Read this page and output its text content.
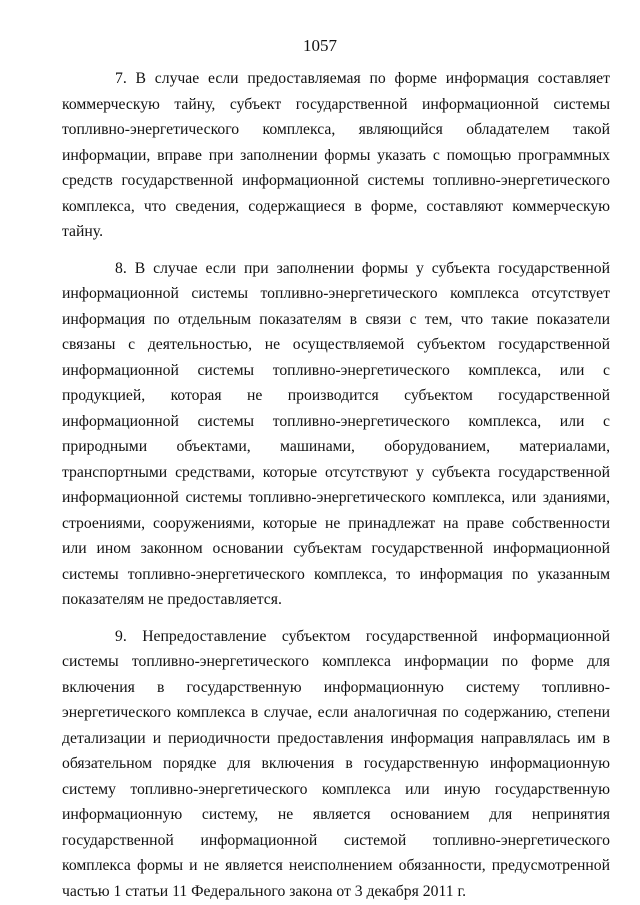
1057

7. В случае если предоставляемая по форме информация составляет коммерческую тайну, субъект государственной информационной системы топливно-энергетического комплекса, являющийся обладателем такой информации, вправе при заполнении формы указать с помощью программных средств государственной информационной системы топливно-энергетического комплекса, что сведения, содержащиеся в форме, составляют коммерческую тайну.

8. В случае если при заполнении формы у субъекта государственной информационной системы топливно-энергетического комплекса отсутствует информация по отдельным показателям в связи с тем, что такие показатели связаны с деятельностью, не осуществляемой субъектом государственной информационной системы топливно-энергетического комплекса, или с продукцией, которая не производится субъектом государственной информационной системы топливно-энергетического комплекса, или с природными объектами, машинами, оборудованием, материалами, транспортными средствами, которые отсутствуют у субъекта государственной информационной системы топливно-энергетического комплекса, или зданиями, строениями, сооружениями, которые не принадлежат на праве собственности или ином законном основании субъектам государственной информационной системы топливно-энергетического комплекса, то информация по указанным показателям не предоставляется.

9. Непредоставление субъектом государственной информационной системы топливно-энергетического комплекса информации по форме для включения в государственную информационную систему топливно-энергетического комплекса в случае, если аналогичная по содержанию, степени детализации и периодичности предоставления информация направлялась им в обязательном порядке для включения в государственную информационную систему топливно-энергетического комплекса или иную государственную информационную систему, не является основанием для непринятия государственной информационной системой топливно-энергетического комплекса формы и не является неисполнением обязанности, предусмотренной частью 1 статьи 11 Федерального закона от 3 декабря 2011 г.
